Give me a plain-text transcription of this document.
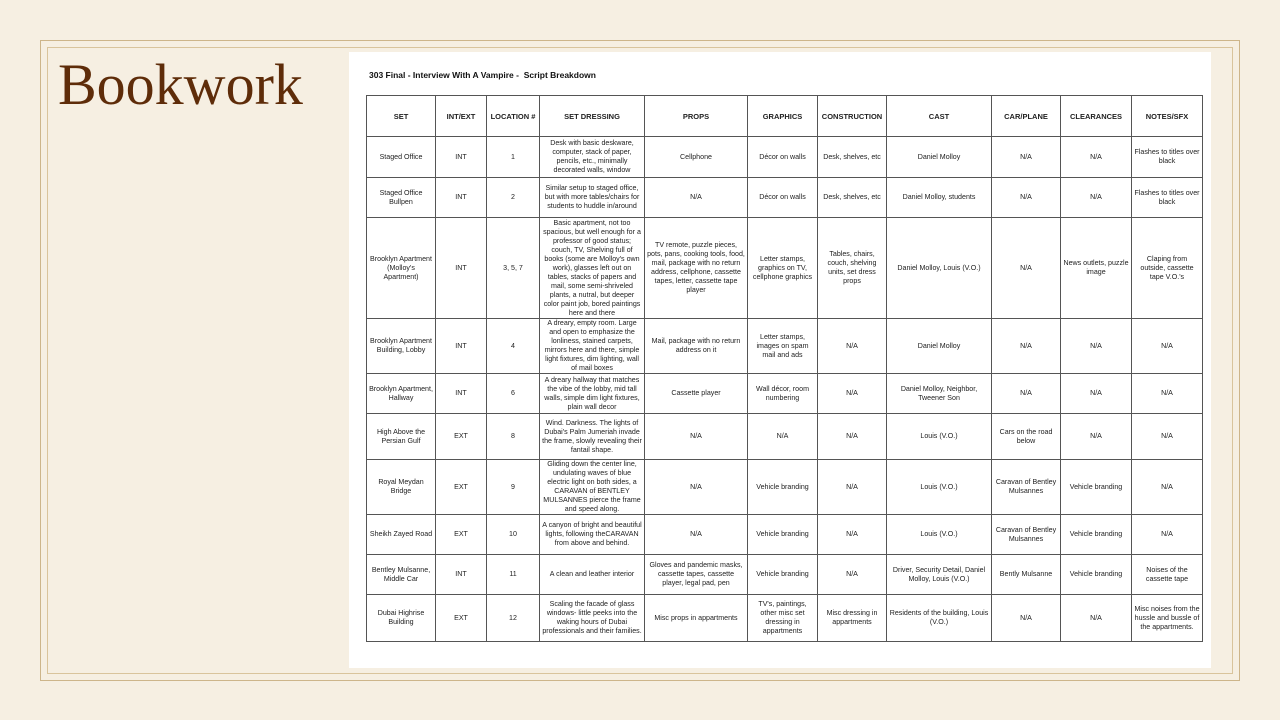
Bookwork	303 Final - Interview With A Vampire -  Script Breakdown
SET	INT/EXT	LOCATION #	SET DRESSING	PROPS	GRAPHICS	CONSTRUCTION	CAST	CAR/PLANE	CLEARANCES	NOTES/SFX
Staged Office	INT	1	Desk with basic deskware, computer, stack of paper, pencils, etc., minimally decorated walls, window	Cellphone	Décor on walls	Desk, shelves, etc	Daniel Molloy	N/A	N/A	Flashes to titles over black
Staged Office Bullpen	INT	2	Similar setup to staged office, but with more tables/chairs for students to huddle in/around	N/A	Décor on walls	Desk, shelves, etc	Daniel Molloy, students	N/A	N/A	Flashes to titles over black
Brooklyn Apartment (Molloy's Apartment)	INT	3, 5, 7	Basic apartment, not too spacious, but well enough for a professor of good status; couch, TV, Shelving full of books (some are Molloy's own work), glasses left out on tables, stacks of papers and mail, some semi-shriveled plants, a nutral, but deeper color paint job, bored paintings here and there	TV remote, puzzle pieces, pots, pans, cooking tools, food, mail, package with no return address, cellphone, cassette tapes, letter, cassette tape player	Letter stamps, graphics on TV, cellphone graphics	Tables, chairs, couch, shelving units, set dress props	Daniel Molloy, Louis (V.O.)	N/A	News outlets, puzzle image	Claping from outside, cassette tape V.O.'s
Brooklyn Apartment Building, Lobby	INT	4	A dreary, empty room. Large and open to emphasize the lonliness, stained carpets, mirrors here and there, simple light fixtures, dim lighting, wall of mail boxes	Mail, package with no return address on it	Letter stamps, images on spam mail and ads	N/A	Daniel Molloy	N/A	N/A	N/A
Brooklyn Apartment, Hallway	INT	6	A dreary hallway that matches the vibe of the lobby, mid tall walls, simple dim light fixtures, plain wall decor	Cassette player	Wall décor, room numbering	N/A	Daniel Molloy, Neighbor, Tweener Son	N/A	N/A	N/A
High Above the Persian Gulf	EXT	8	Wind. Darkness. The lights of Dubai's Palm Jumeriah invade the frame, slowly revealing their fantail shape.	N/A	N/A	N/A	Louis (V.O.)	Cars on the road below	N/A	N/A
Royal Meydan Bridge	EXT	9	Gliding down the center line, undulating waves of blue electric light on both sides, a CARAVAN of BENTLEY MULSANNES pierce the frame and speed along.	N/A	Vehicle branding	N/A	Louis (V.O.)	Caravan of Bentley Mulsannes	Vehicle branding	N/A
Sheikh Zayed Road	EXT	10	A canyon of bright and beautiful lights, following theCARAVAN from above and behind.	N/A	Vehicle branding	N/A	Louis (V.O.)	Caravan of Bentley Mulsannes	Vehicle branding	N/A
Bentley Mulsanne, Middle Car	INT	11	A clean and leather interior	Gloves and pandemic masks, cassette tapes, cassette player, legal pad, pen	Vehicle branding	N/A	Driver, Security Detail, Daniel Molloy, Louis (V.O.)	Bently Mulsanne	Vehicle branding	Noises of the cassette tape
Dubai Highrise Building	EXT	12	Scaling the facade of glass windows- little peeks into the waking hours of Dubai professionals and their families.	Misc props in appartments	TV's, paintings, other misc set dressing in appartments	Misc dressing in appartments	Residents of the building, Louis (V.O.)	N/A	N/A	Misc noises from the hussle and bussle of the appartments.
